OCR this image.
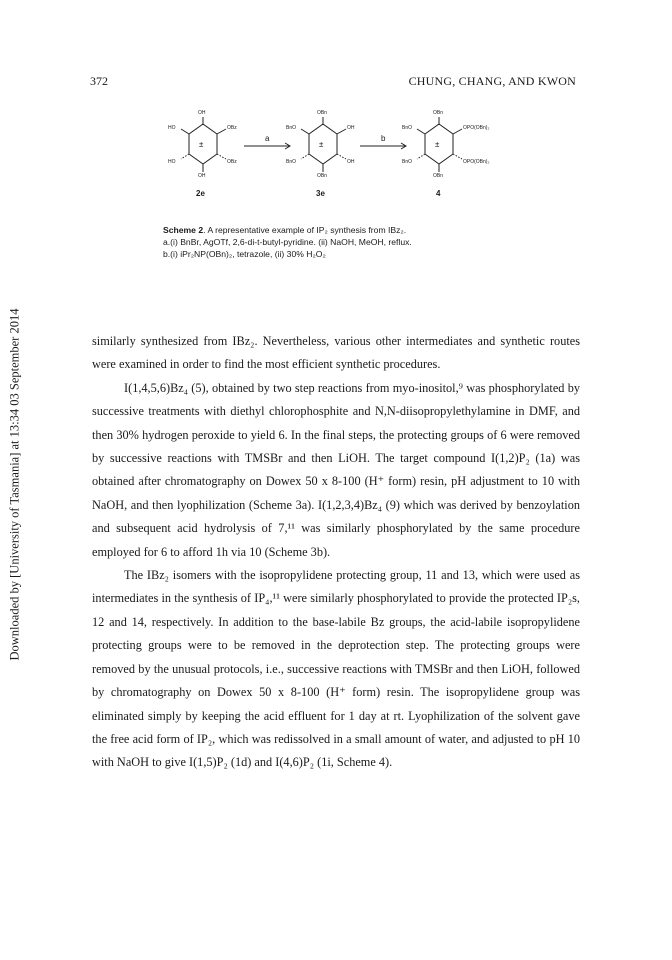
372	CHUNG, CHANG, AND KWON
Downloaded by [University of Tasmania] at 13:34 03 September 2014
OH
HO	OBz
HO	OBz
OH
±
2e
a
OBn
BnO	OH
BnO	OH
OBn
±
3e
b
OBn
BnO	OPO(OBn)₂
BnO	OPO(OBn)₂
OBn
±
4
Scheme 2. A representative example of IP₂ synthesis from IBz₂.
a.(i) BnBr, AgOTf, 2,6-di-t-butyl-pyridine. (ii) NaOH, MeOH, reflux.
b.(i) iPr₂NP(OBn)₂, tetrazole, (ii) 30% H₂O₂

similarly synthesized from IBz₂. Nevertheless, various other intermediates and synthetic routes were examined in order to find the most efficient synthetic procedures.

I(1,4,5,6)Bz₄ (5), obtained by two step reactions from myo-inositol,⁹ was phosphorylated by successive treatments with diethyl chlorophosphite and N,N-diisopropylethylamine in DMF, and then 30% hydrogen peroxide to yield 6. In the final steps, the protecting groups of 6 were removed by successive reactions with TMSBr and then LiOH. The target compound I(1,2)P₂ (1a) was obtained after chromatography on Dowex 50 x 8-100 (H⁺ form) resin, pH adjustment to 10 with NaOH, and then lyophilization (Scheme 3a). I(1,2,3,4)Bz₄ (9) which was derived by benzoylation and subsequent acid hydrolysis of 7,¹¹ was similarly phosphorylated by the same procedure employed for 6 to afford 1h via 10 (Scheme 3b).

The IBz₂ isomers with the isopropylidene protecting group, 11 and 13, which were used as intermediates in the synthesis of IP₄,¹¹ were similarly phosphorylated to provide the protected IP₂s, 12 and 14, respectively. In addition to the base-labile Bz groups, the acid-labile isopropylidene protecting groups were to be removed in the deprotection step. The protecting groups were removed by the unusual protocols, i.e., successive reactions with TMSBr and then LiOH, followed by chromatography on Dowex 50 x 8-100 (H⁺ form) resin. The isopropylidene group was eliminated simply by keeping the acid effluent for 1 day at rt. Lyophilization of the solvent gave the free acid form of IP₂, which was redissolved in a small amount of water, and adjusted to pH 10 with NaOH to give I(1,5)P₂ (1d) and I(4,6)P₂ (1i, Scheme 4).
